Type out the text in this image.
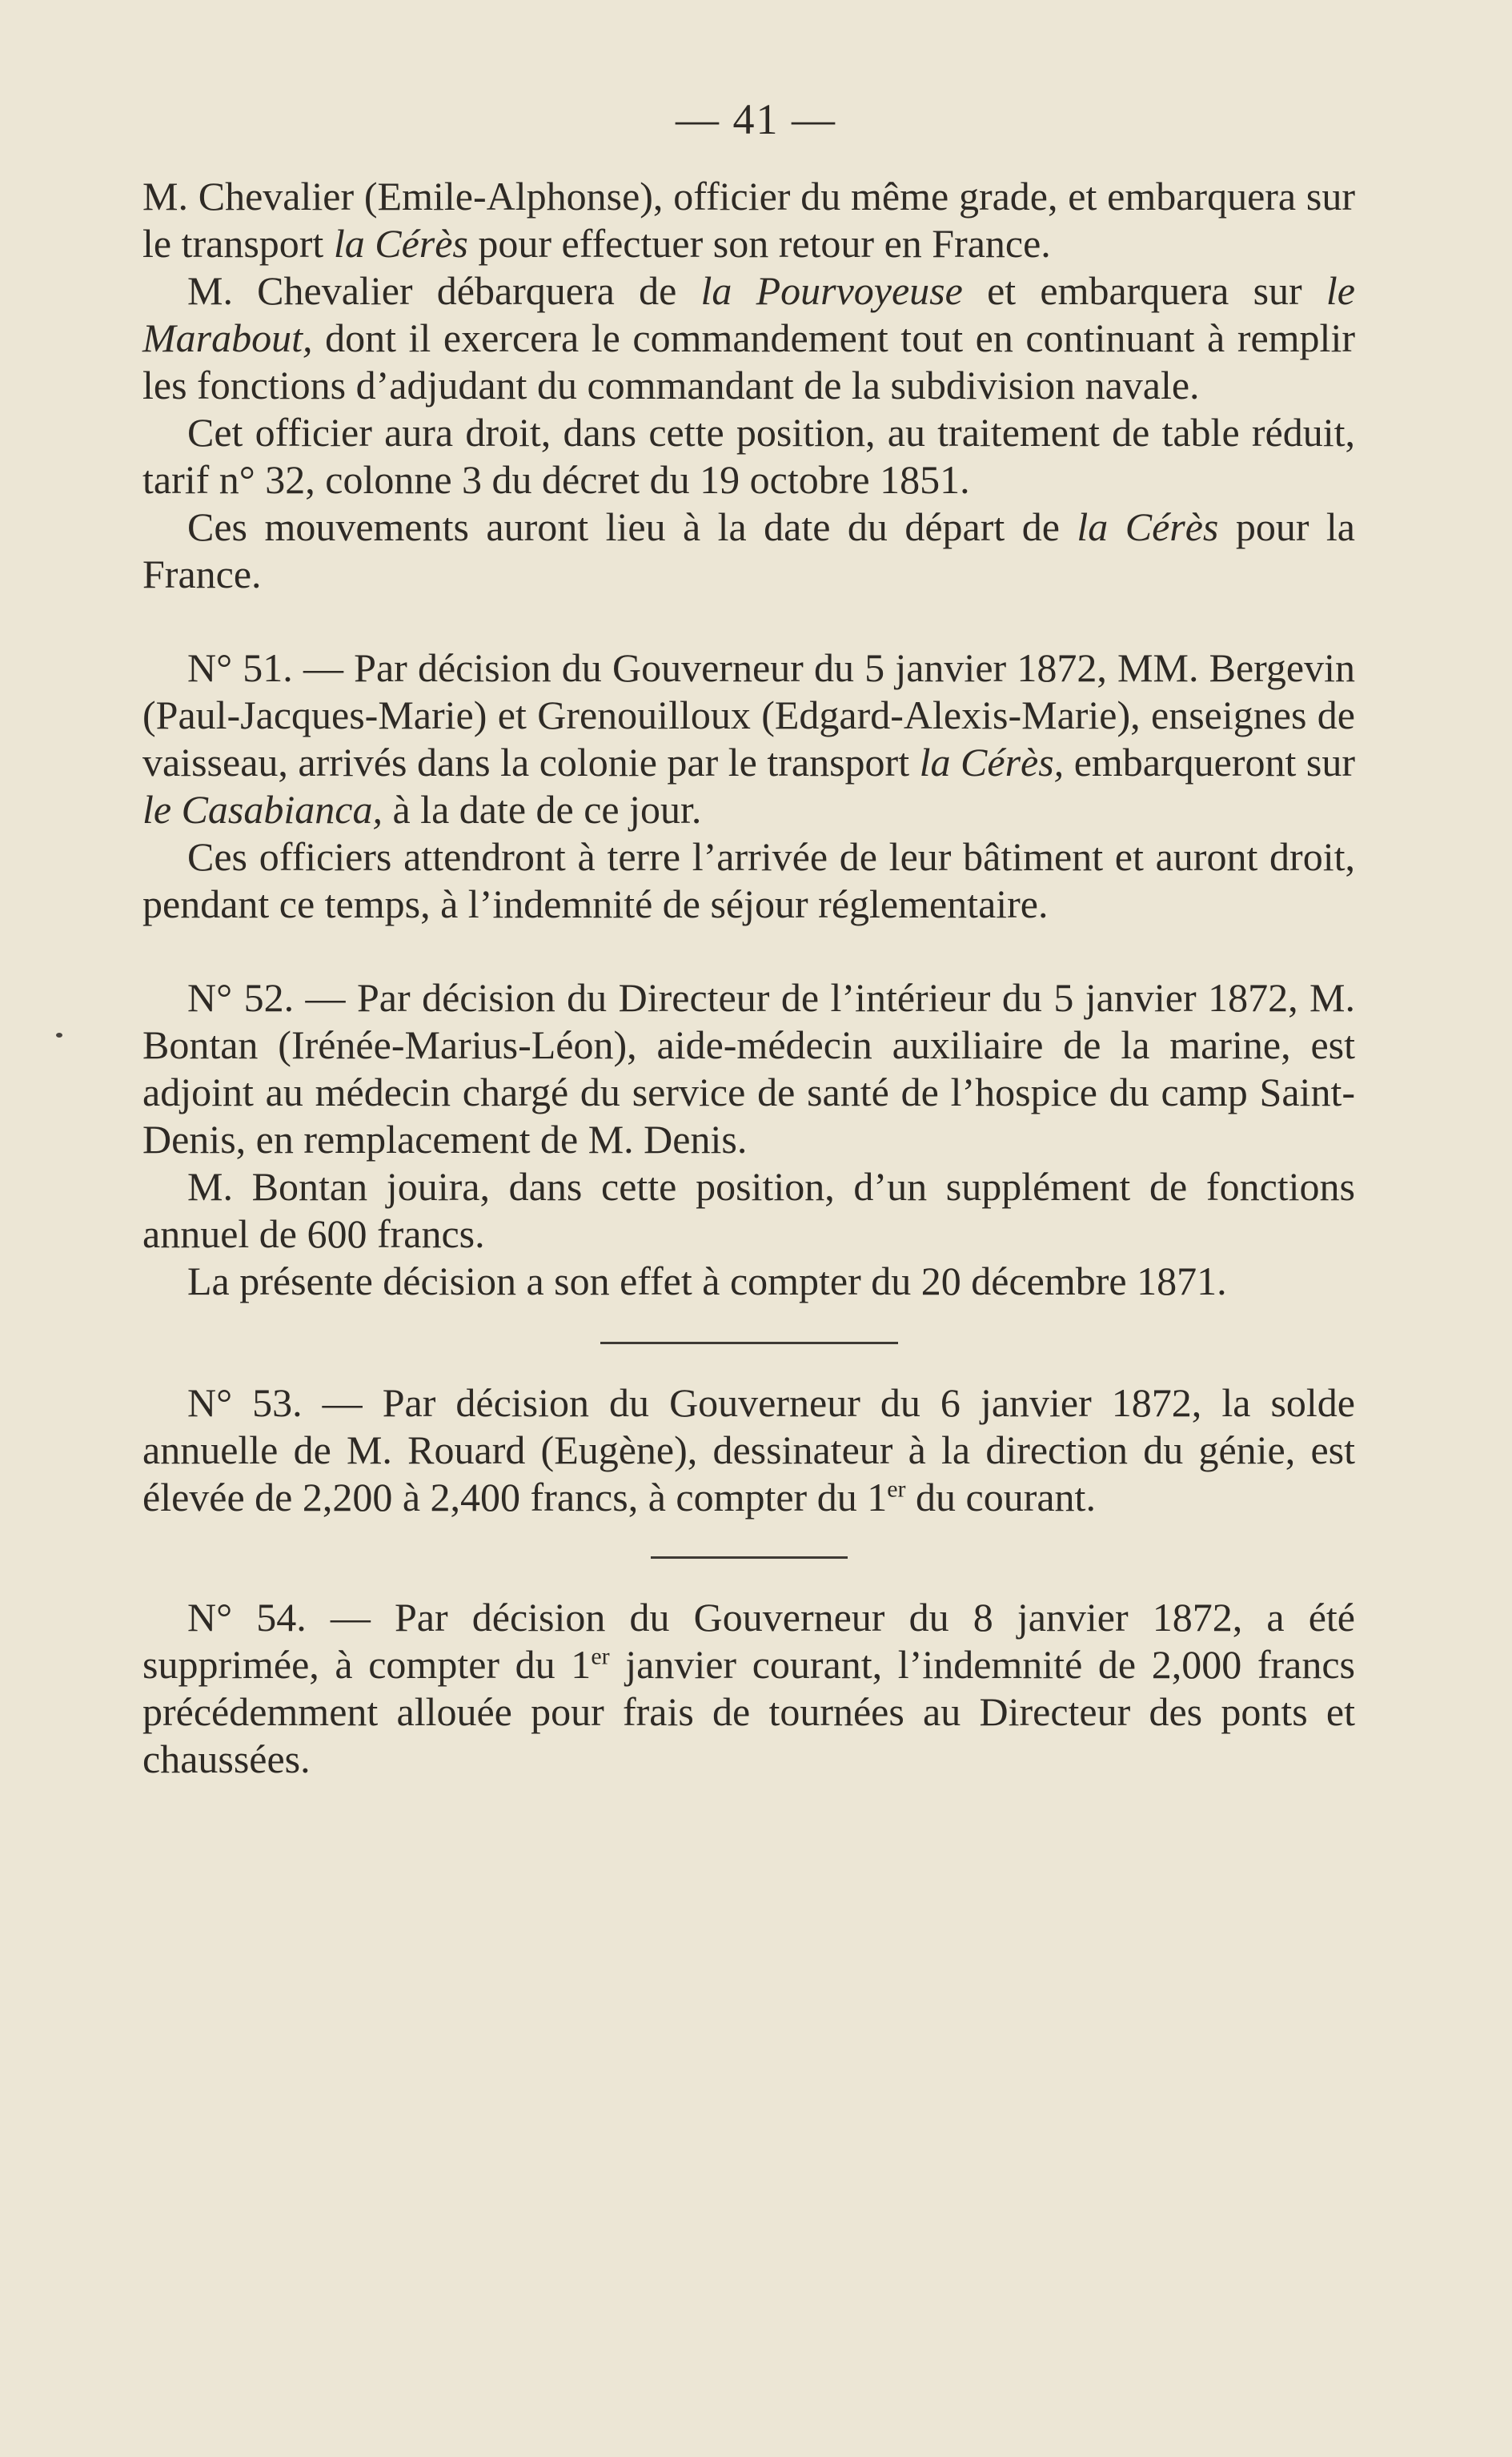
— 41 —

M. Chevalier (Emile-Alphonse), officier du même grade, et embarquera sur le transport la Cérès pour effectuer son retour en France.

M. Chevalier débarquera de la Pourvoyeuse et embarquera sur le Marabout, dont il exercera le commandement tout en continuant à remplir les fonctions d’adjudant du commandant de la subdivision navale.

Cet officier aura droit, dans cette position, au traitement de table réduit, tarif n° 32, colonne 3 du décret du 19 octobre 1851.

Ces mouvements auront lieu à la date du départ de la Cérès pour la France.

N° 51. — Par décision du Gouverneur du 5 janvier 1872, MM. Bergevin (Paul-Jacques-Marie) et Grenouilloux (Edgard-Alexis-Marie), enseignes de vaisseau, arrivés dans la colonie par le transport la Cérès, embarqueront sur le Casabianca, à la date de ce jour.

Ces officiers attendront à terre l’arrivée de leur bâtiment et auront droit, pendant ce temps, à l’indemnité de séjour réglementaire.

N° 52. — Par décision du Directeur de l’intérieur du 5 janvier 1872, M. Bontan (Irénée-Marius-Léon), aide-médecin auxiliaire de la marine, est adjoint au médecin chargé du service de santé de l’hospice du camp Saint-Denis, en remplacement de M. Denis.

M. Bontan jouira, dans cette position, d’un supplément de fonctions annuel de 600 francs.

La présente décision a son effet à compter du 20 décembre 1871.

N° 53. — Par décision du Gouverneur du 6 janvier 1872, la solde annuelle de M. Rouard (Eugène), dessinateur à la direction du génie, est élevée de 2,200 à 2,400 francs, à compter du 1er du courant.

N° 54. — Par décision du Gouverneur du 8 janvier 1872, a été supprimée, à compter du 1er janvier courant, l’indemnité de 2,000 francs précédemment allouée pour frais de tournées au Directeur des ponts et chaussées.
